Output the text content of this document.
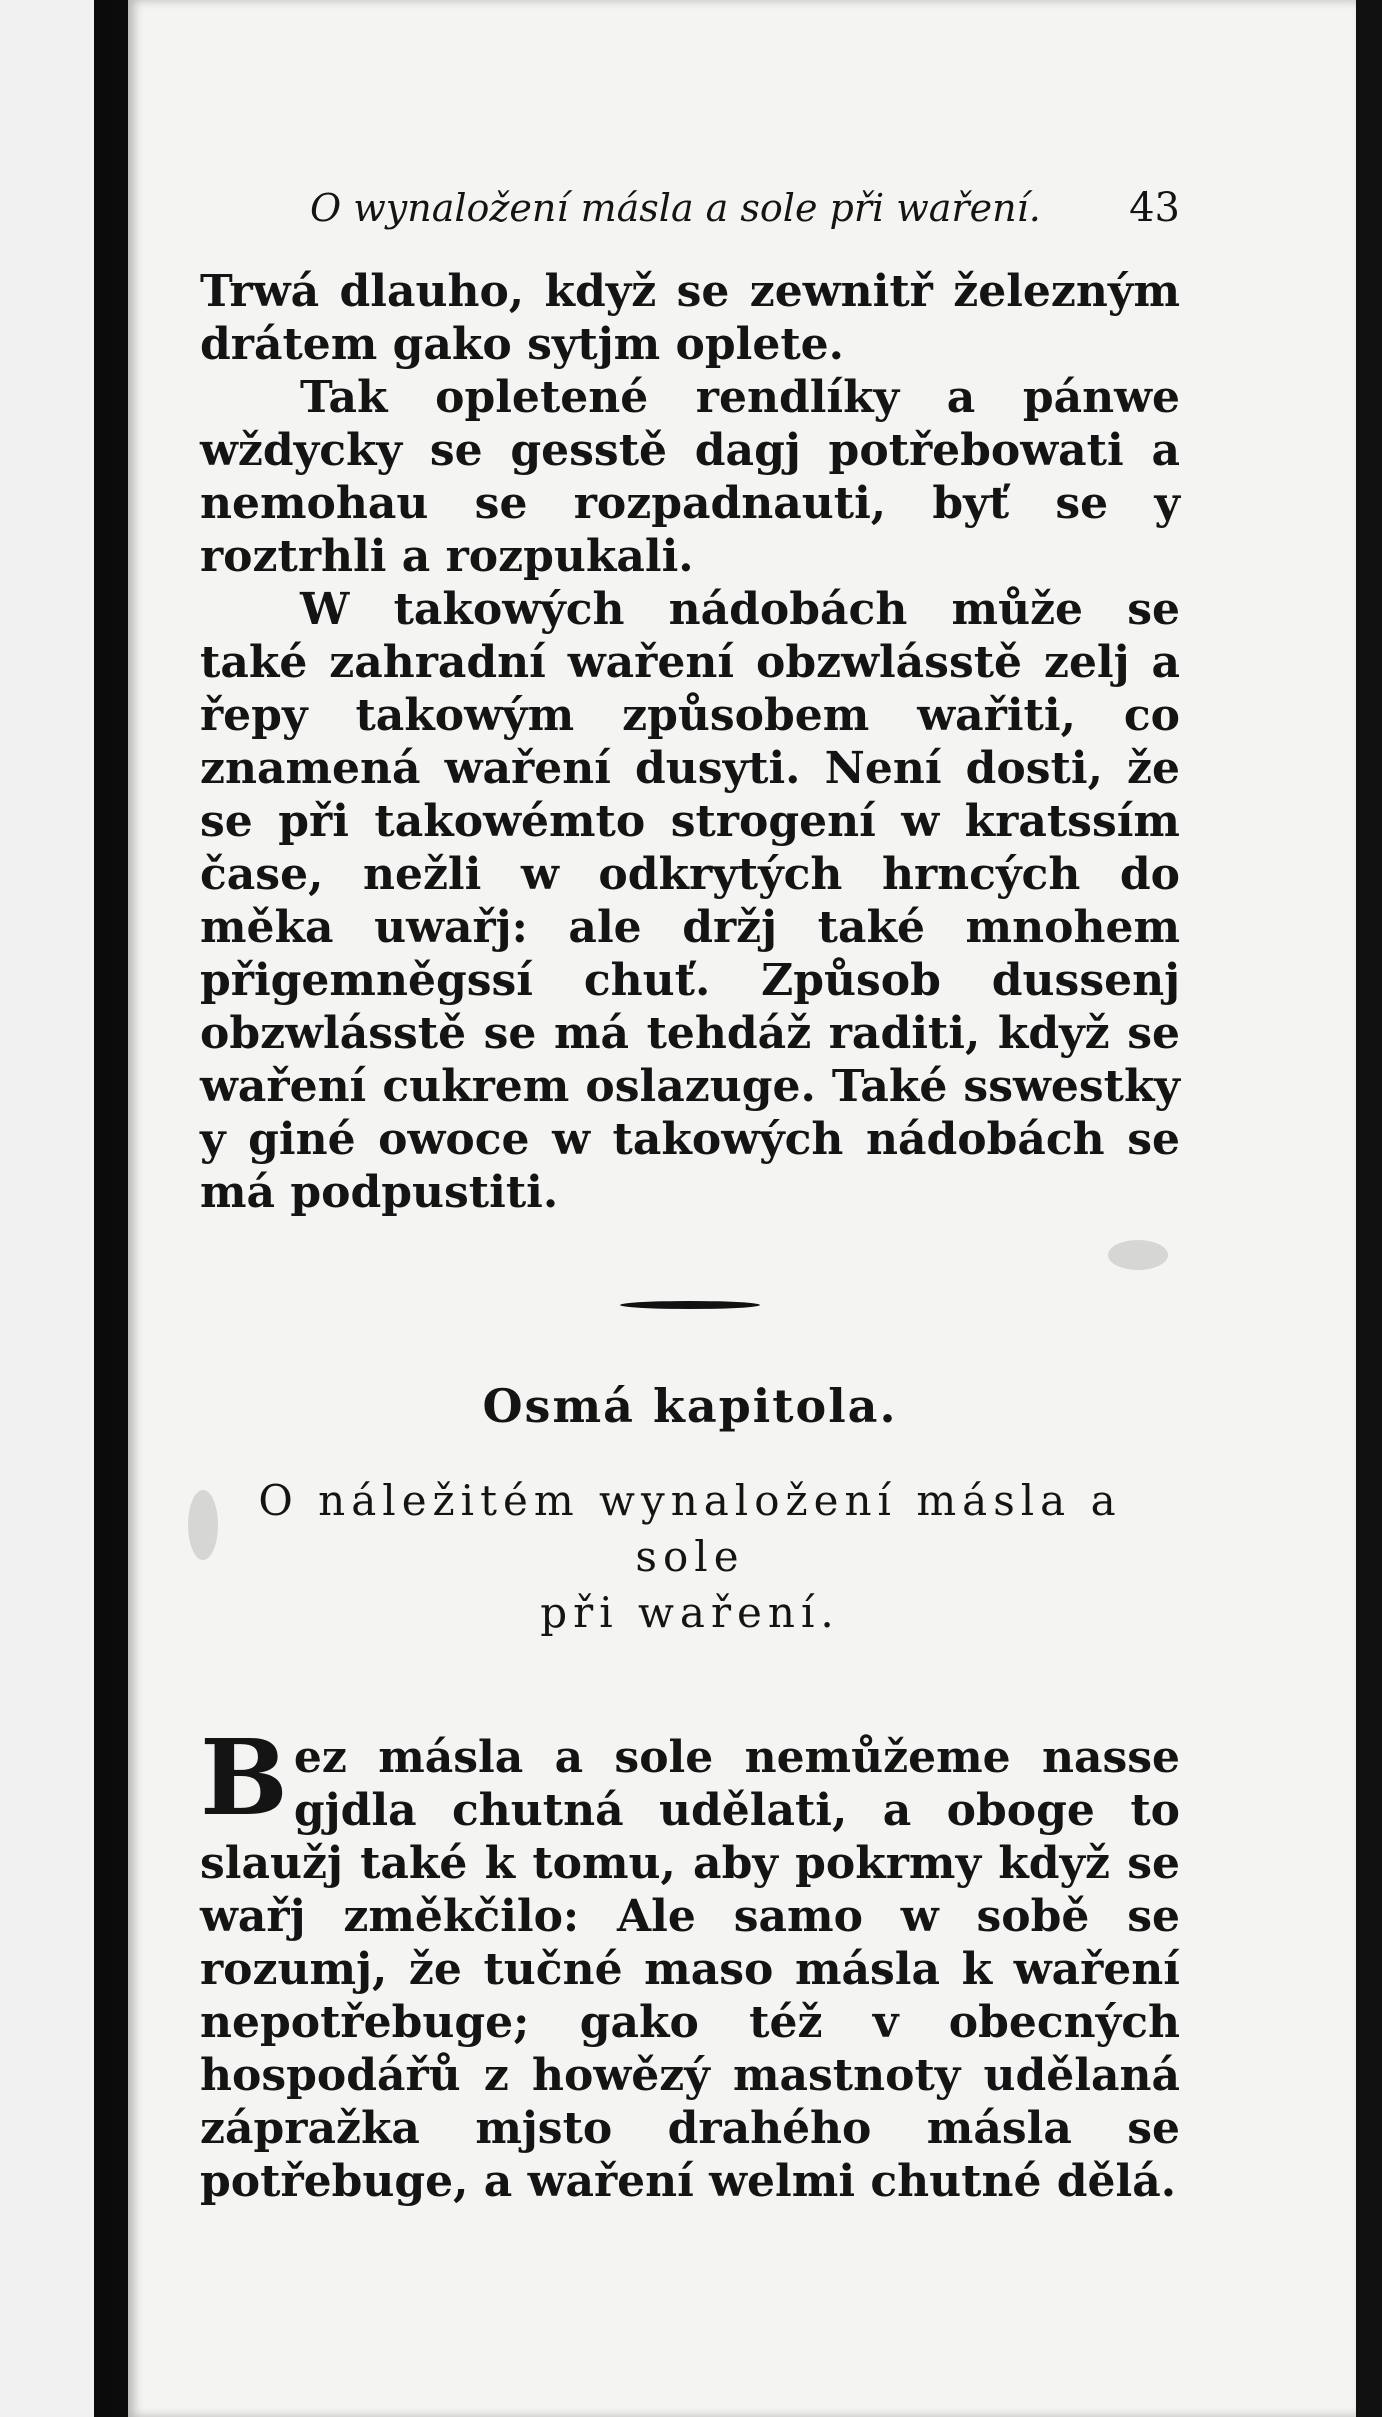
O wynaložení másla a sole při waření. 43

Trwá dlauho, když se zewnitř železným drátem gako sytjm oplete.

Tak opletené rendlíky a pánwe wždycky se gesstě dagj potřebowati a nemohau se rozpadnauti, byť se y roztrhli a rozpukali.

W takowých nádobách může se také zahradní waření obzwlásstě zelj a řepy takowým způsobem wařiti, co znamená waření dusyti. Není dosti, že se při takowémto strogení w kratssím čase, nežli w odkrytých hrncých do měka uwařj: ale držj také mnohem přigemněgssí chuť. Způsob dussenj obzwlásstě se má tehdáž raditi, když se waření cukrem oslazuge. Také sswestky y giné owoce w takowých nádobách se má podpustiti.

Osmá kapitola.
O náležitém wynaložení másla a sole
při waření.
Bez másla a sole nemůžeme nasse gjdla chutná udělati, a oboge to slaužj také k tomu, aby pokrmy když se wařj změkčilo: Ale samo w sobě se rozumj, že tučné maso másla k waření nepotřebuge; gako též v obecných hospodářů z howězý mastnoty udělaná zápražka mjsto drahého másla se potřebuge, a waření welmi chutné dělá.
